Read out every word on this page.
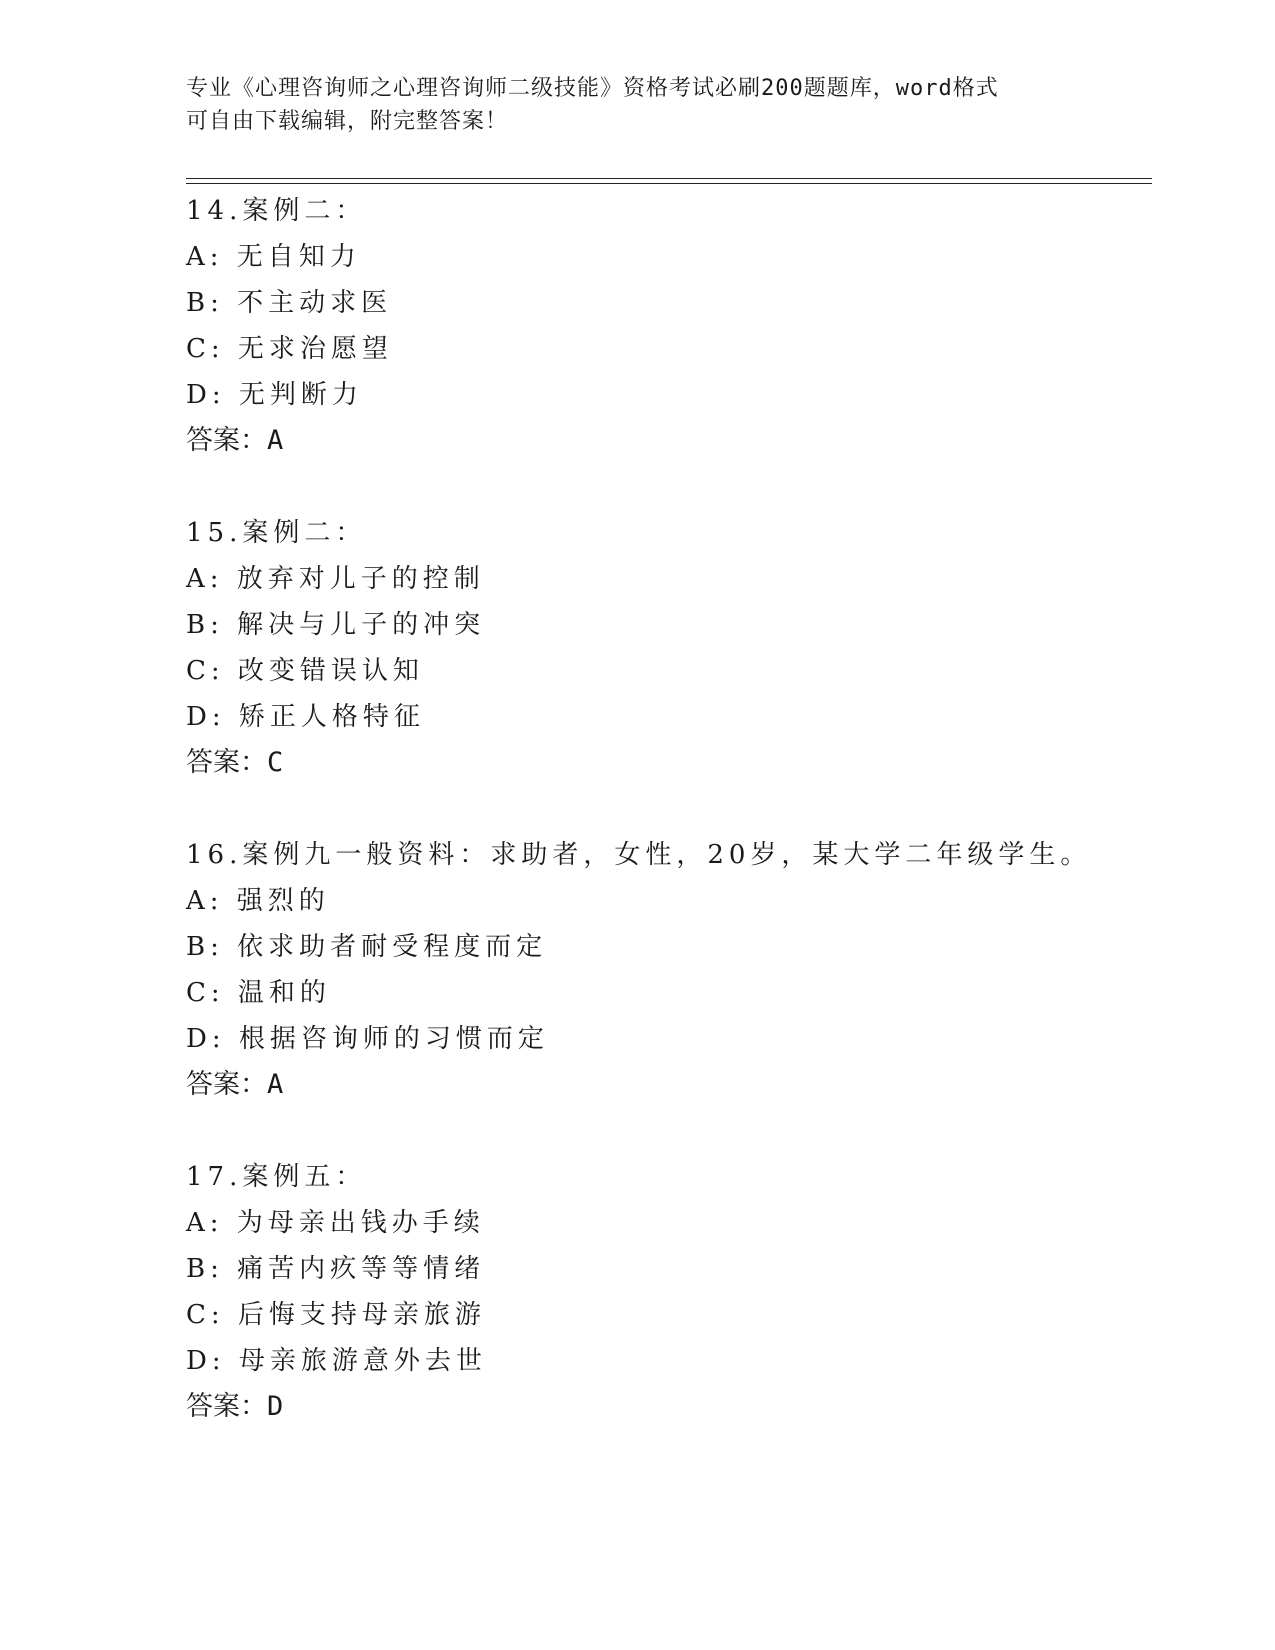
专业《心理咨询师之心理咨询师二级技能》资格考试必刷200题题库，word格式
可自由下载编辑，附完整答案！
14.案例二：
A: 无自知力
B: 不主动求医
C: 无求治愿望
D: 无判断力
答案：A
15.案例二：
A: 放弃对儿子的控制
B: 解决与儿子的冲突
C: 改变错误认知
D: 矫正人格特征
答案：C
16.案例九一般资料：求助者，女性，20岁，某大学二年级学生。
A: 强烈的
B: 依求助者耐受程度而定
C: 温和的
D: 根据咨询师的习惯而定
答案：A
17.案例五：
A: 为母亲出钱办手续
B: 痛苦内疚等等情绪
C: 后悔支持母亲旅游
D: 母亲旅游意外去世
答案：D
